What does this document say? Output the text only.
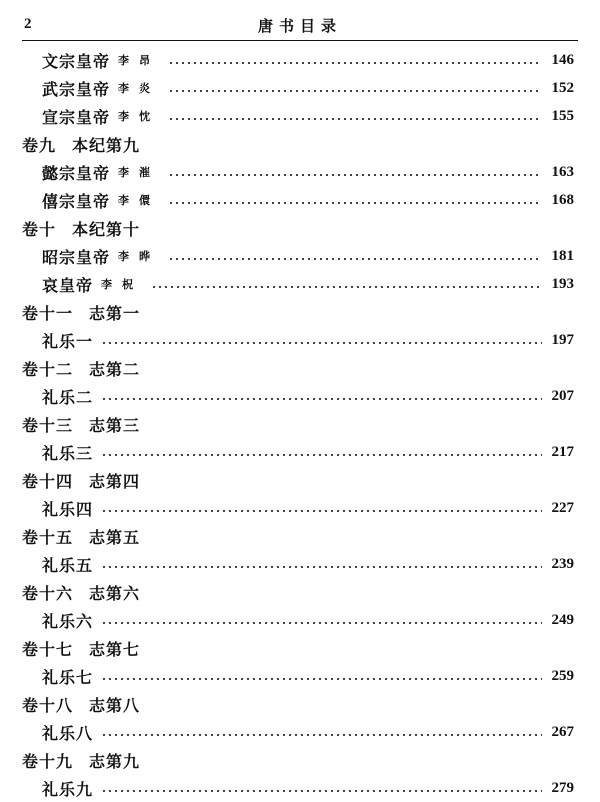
2	唐书目录
文宗皇帝 李昂	146
武宗皇帝 李炎	152
宣宗皇帝 李忱	155
卷九 本纪第九
懿宗皇帝 李漼	163
僖宗皇帝 李儇	168
卷十 本纪第十
昭宗皇帝 李晔	181
哀皇帝 李柷	193
卷十一 志第一
礼乐一	197
卷十二 志第二
礼乐二	207
卷十三 志第三
礼乐三	217
卷十四 志第四
礼乐四	227
卷十五 志第五
礼乐五	239
卷十六 志第六
礼乐六	249
卷十七 志第七
礼乐七	259
卷十八 志第八
礼乐八	267
卷十九 志第九
礼乐九	279
